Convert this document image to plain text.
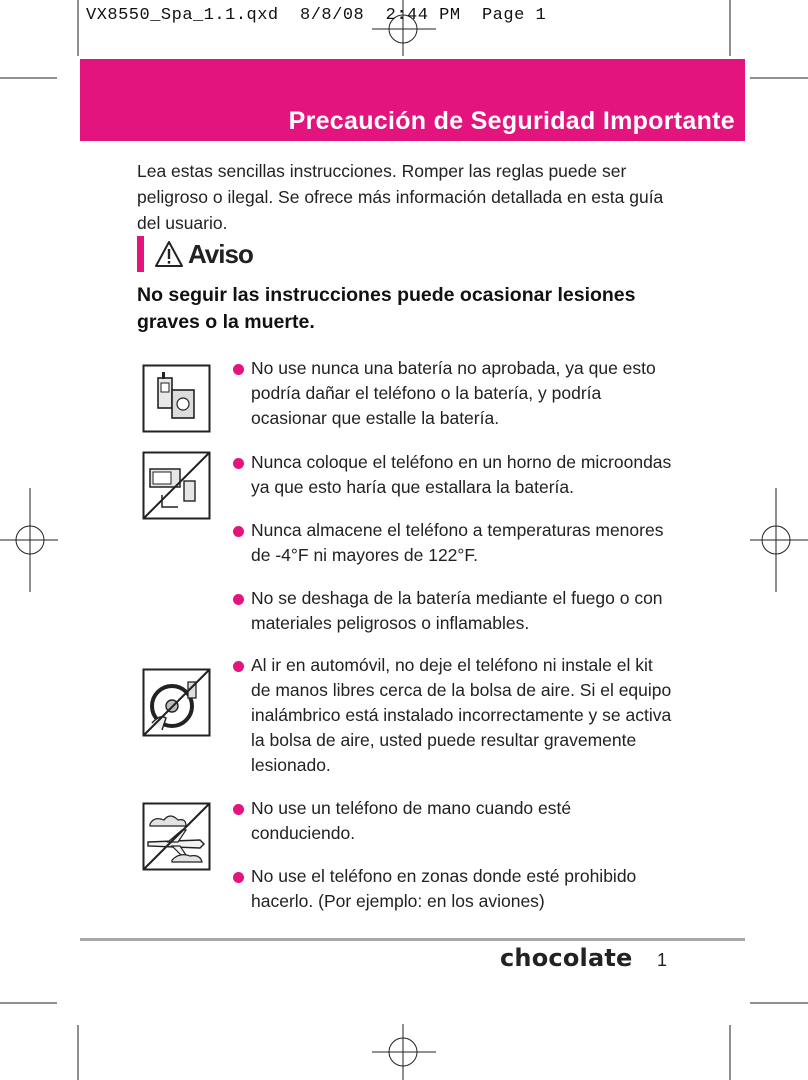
VX8550_Spa_1.1.qxd  8/8/08  2:44 PM  Page 1
Precaución de Seguridad Importante
Lea estas sencillas instrucciones. Romper las reglas puede ser peligroso o ilegal. Se ofrece más información detallada en esta guía del usuario.
Aviso
No seguir las instrucciones puede ocasionar lesiones graves o la muerte.
No use nunca una batería no aprobada, ya que esto podría dañar el teléfono o la batería, y podría ocasionar que estalle la batería.
Nunca coloque el teléfono en un horno de microondas ya que esto haría que estallara la batería.
Nunca almacene el teléfono a temperaturas menores de -4°F ni mayores de 122°F.
No se deshaga de la batería mediante el fuego o con materiales peligrosos o inflamables.
Al ir en automóvil, no deje el teléfono ni instale el kit de manos libres cerca de la bolsa de aire. Si el equipo inalámbrico está instalado incorrectamente y se activa la bolsa de aire, usted puede resultar gravemente lesionado.
No use un teléfono de mano cuando esté conduciendo.
No use el teléfono en zonas donde esté prohibido hacerlo. (Por ejemplo: en los aviones)
chocolate 1
